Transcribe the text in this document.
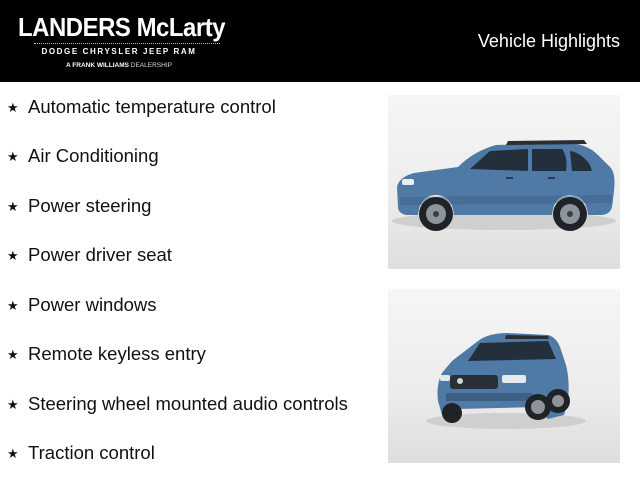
LANDERS McLarty
DODGE CHRYSLER JEEP RAM
A FRANK WILLIAMS DEALERSHIP
Vehicle Highlights
★ Automatic temperature control
★ Air Conditioning
★ Power steering
★ Power driver seat
★ Power windows
★ Remote keyless entry
★ Steering wheel mounted audio controls
★ Traction control
